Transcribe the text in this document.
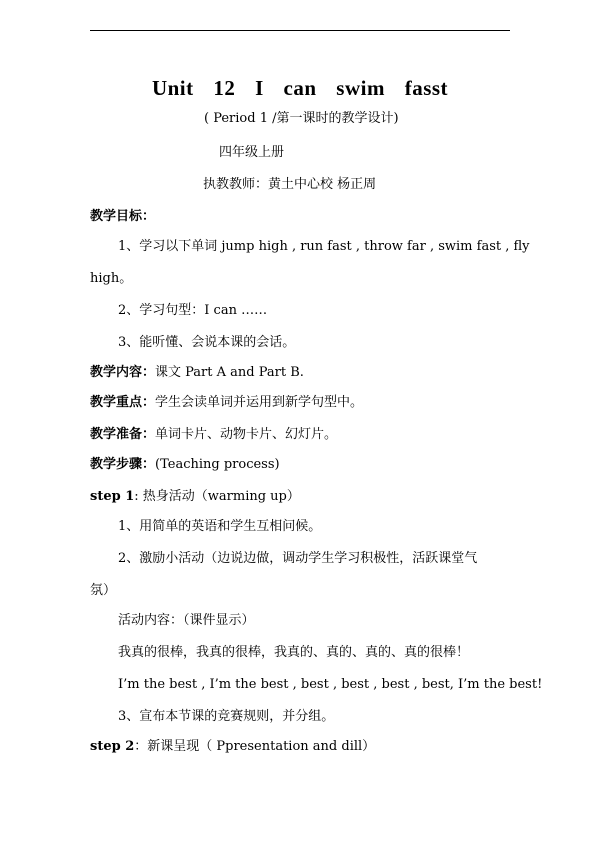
Unit 12 I can swim fasst
( Period 1 /第一课时的教学设计)
四年级上册
执教教师：黄土中心校 杨正周
教学目标：
1、学习以下单词 jump high , run fast , throw far , swim fast , fly
high。
2、学习句型：I can ……
3、能听懂、会说本课的会话。
教学内容：课文 Part A and Part B.
教学重点：学生会读单词并运用到新学句型中。
教学准备：单词卡片、动物卡片、幻灯片。
教学步骤：(Teaching process)
step 1: 热身活动（warming up）
1、用简单的英语和学生互相问候。
2、激励小活动（边说边做，调动学生学习积极性，活跃课堂气
氛）
活动内容：（课件显示）
我真的很棒，我真的很棒，我真的、真的、真的、真的很棒！
I’m the best , I’m the best , best , best , best , best, I’m the best!
3、宣布本节课的竞赛规则，并分组。
step 2：新课呈现（ Ppresentation and dill）
